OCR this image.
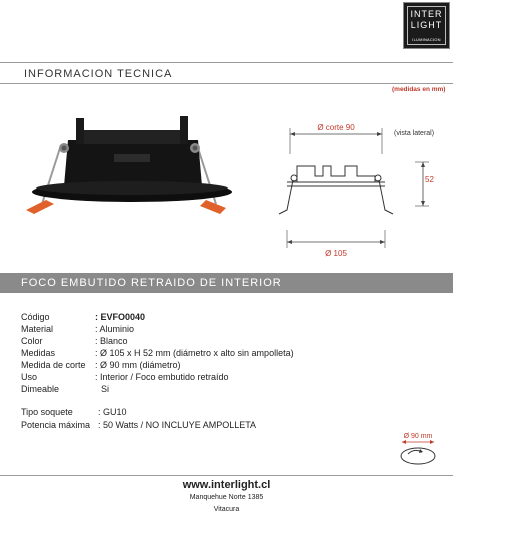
INTER
LIGHT
ILUMINACION
INFORMACION TECNICA
(medidas en mm)
Ø corte 90
(vista lateral)
52
Ø 105
FOCO EMBUTIDO RETRAIDO DE INTERIOR
Código	: EVFO0040
Material	: Aluminio
Color	: Blanco
Medidas	: Ø 105 x H 52 mm (diámetro x alto sin ampolleta)
Medida de corte : Ø 90 mm (diámetro)
Uso	: Interior / Foco embutido retraído
Dimeable	Si
Tipo soquete	: GU10
Potencia máxima : 50 Watts / NO INCLUYE AMPOLLETA
Ø 90 mm
www.interlight.cl
Manquehue Norte 1385
Vitacura
